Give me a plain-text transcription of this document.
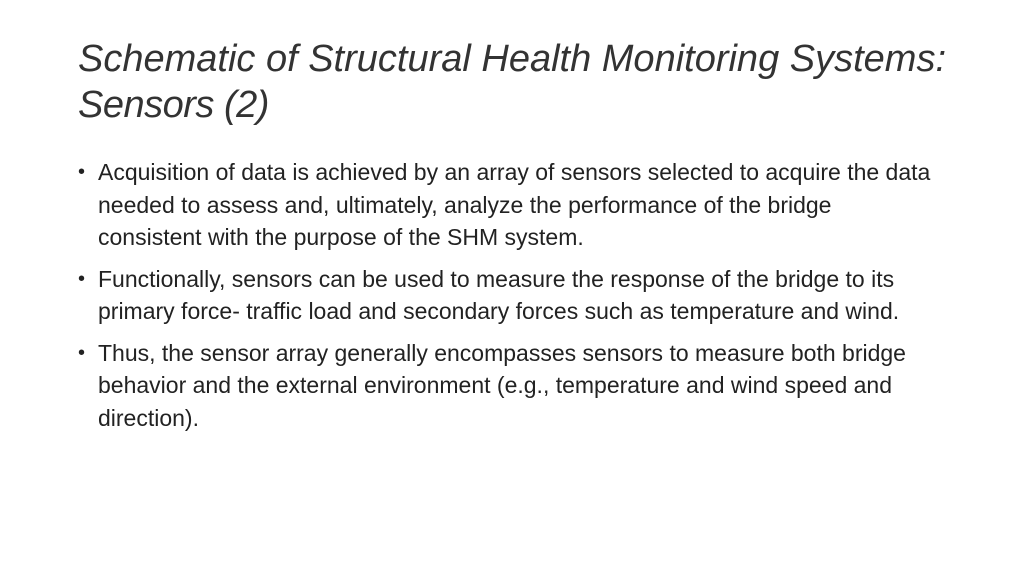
Schematic of Structural Health Monitoring Systems: Sensors (2)
• Acquisition of data is achieved by an array of sensors selected to acquire the data needed to assess and, ultimately, analyze the performance of the bridge consistent with the purpose of the SHM system.
• Functionally, sensors can be used to measure the response of the bridge to its primary force- traffic load and secondary forces such as temperature and wind.
• Thus, the sensor array generally encompasses sensors to measure both bridge behavior and the external environment (e.g., temperature and wind speed and direction).
